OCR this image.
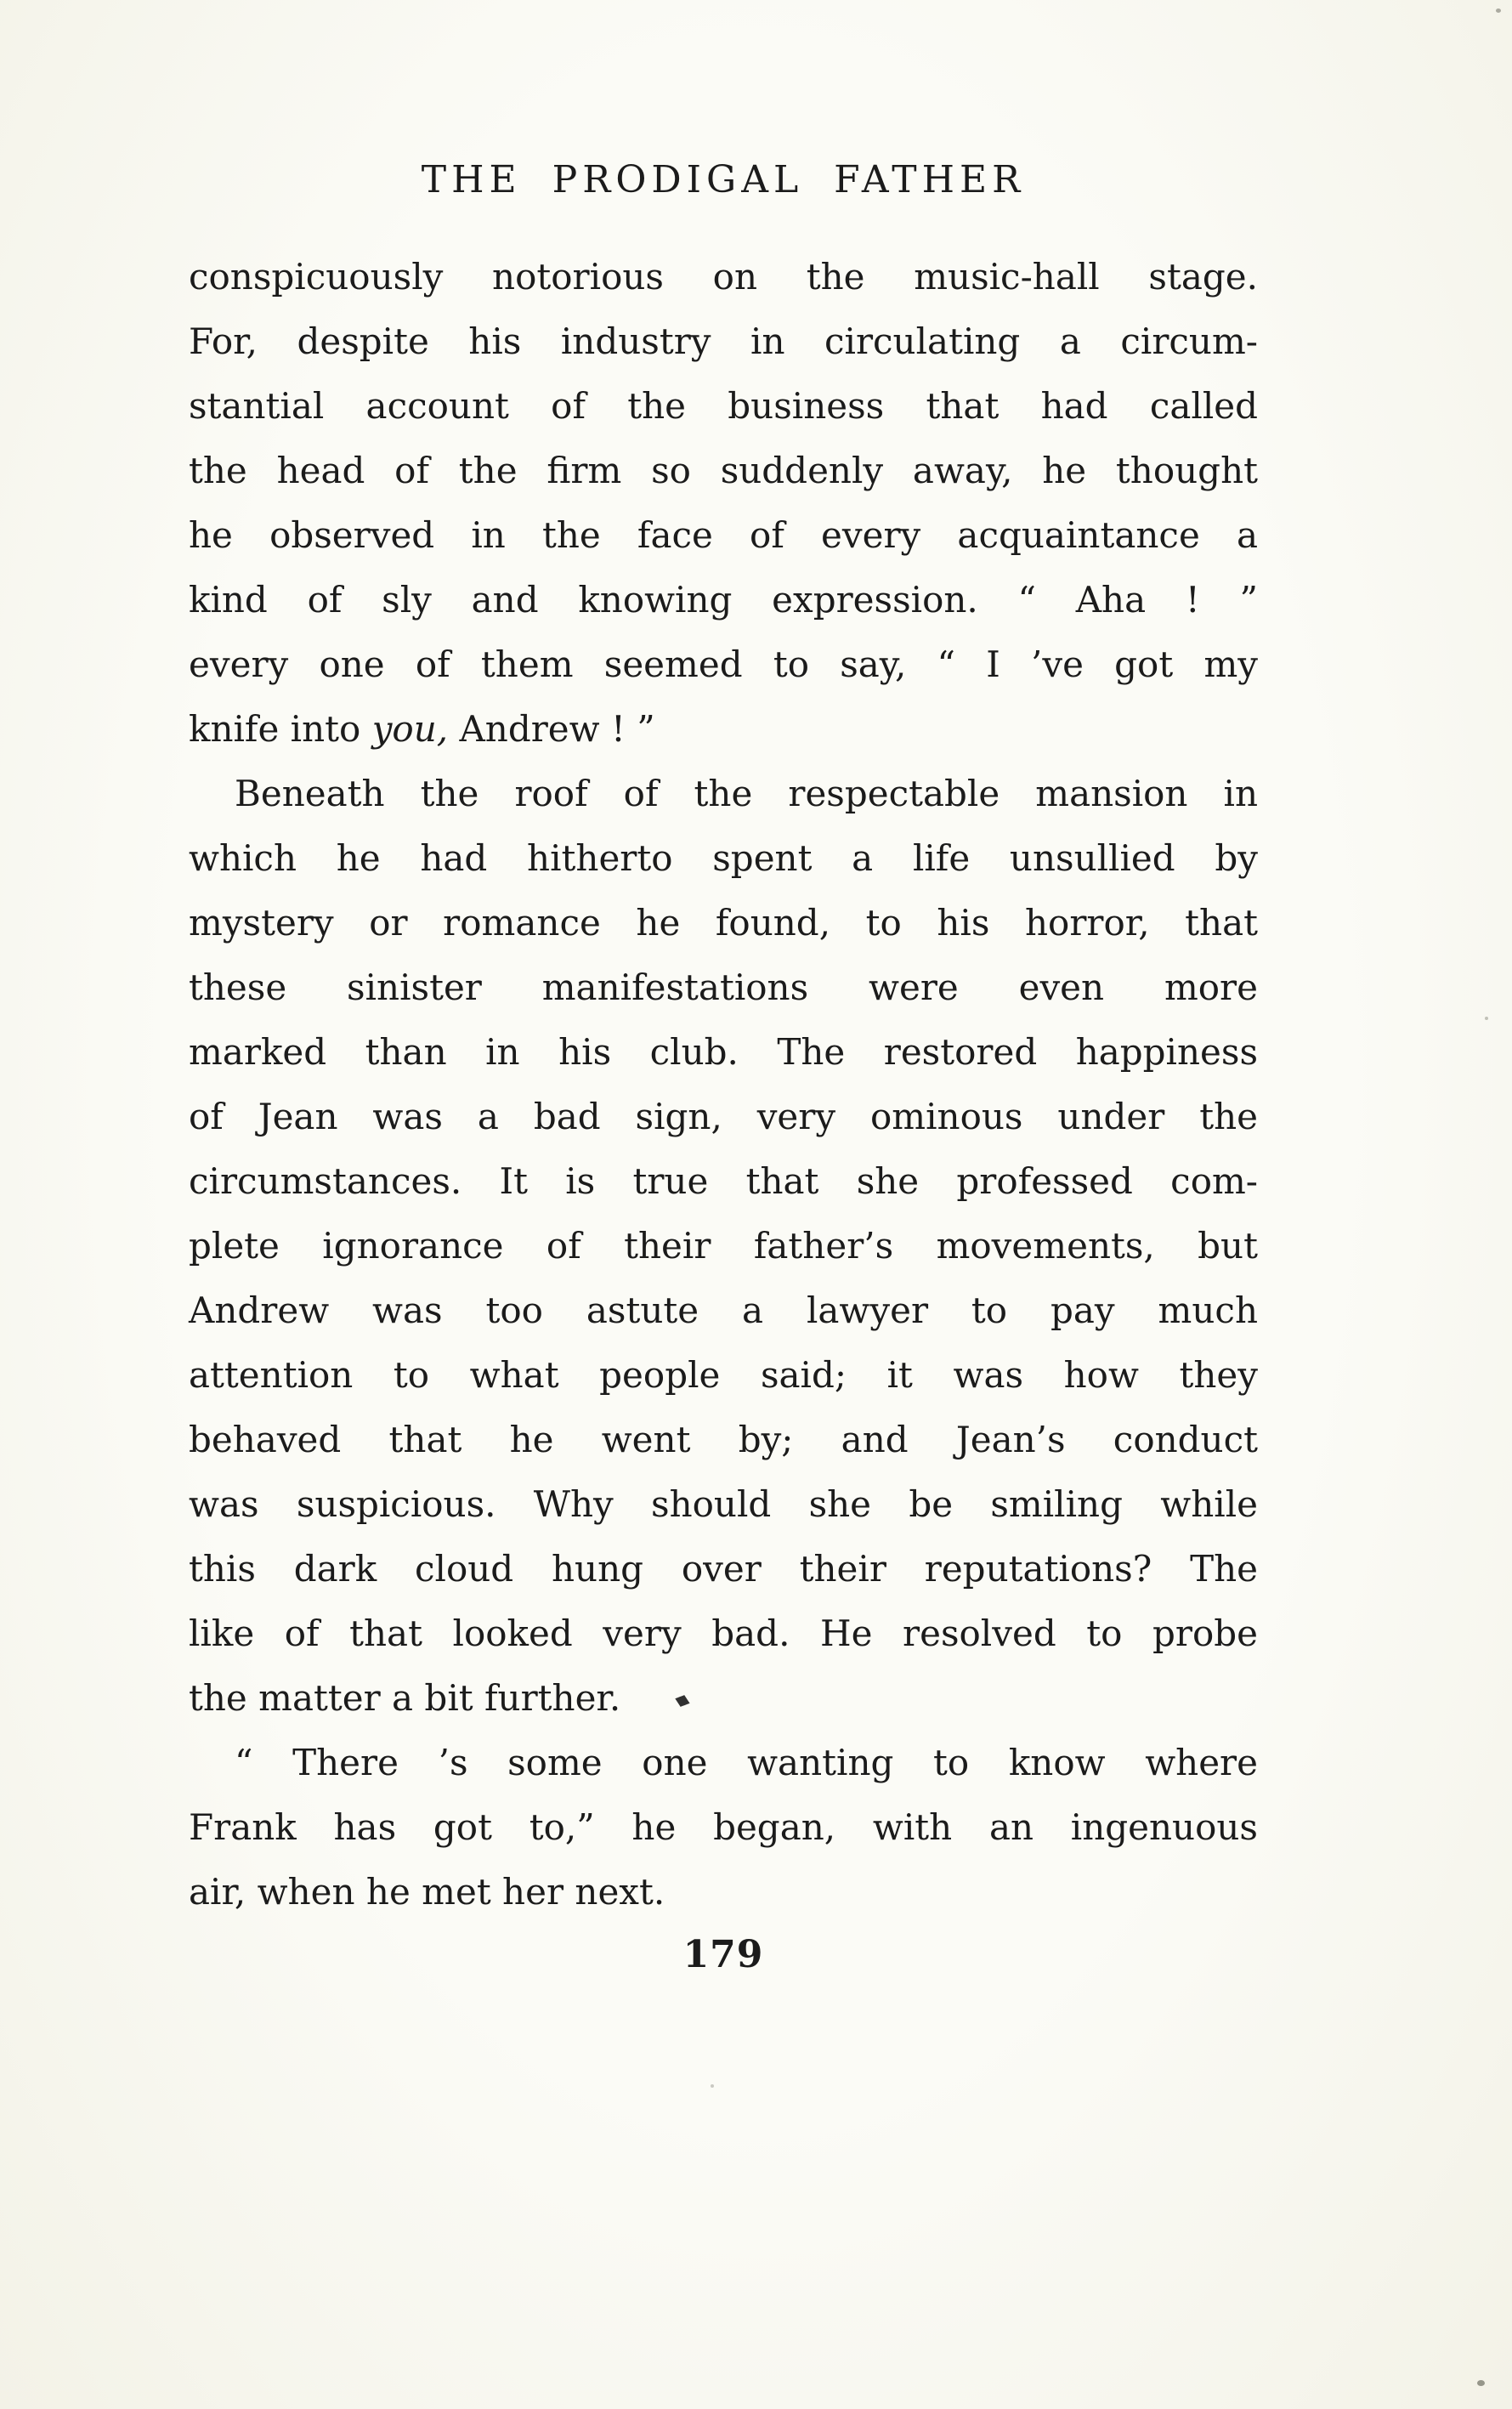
THE PRODIGAL FATHER

conspicuously notorious on the music-hall stage.
For, despite his industry in circulating a circum-
stantial account of the business that had called
the head of the firm so suddenly away, he thought
he observed in the face of every acquaintance a
kind of sly and knowing expression. “ Aha ! ”
every one of them seemed to say, “ I ’ve got my
knife into you, Andrew ! ”

Beneath the roof of the respectable mansion in
which he had hitherto spent a life unsullied by
mystery or romance he found, to his horror, that
these sinister manifestations were even more
marked than in his club. The restored happiness
of Jean was a bad sign, very ominous under the
circumstances. It is true that she professed com-
plete ignorance of their father’s movements, but
Andrew was too astute a lawyer to pay much
attention to what people said; it was how they
behaved that he went by; and Jean’s conduct
was suspicious. Why should she be smiling while
this dark cloud hung over their reputations? The
like of that looked very bad. He resolved to probe
the matter a bit further.	◆

“ There ’s some one wanting to know where
Frank has got to,” he began, with an ingenuous
air, when he met her next.

179
